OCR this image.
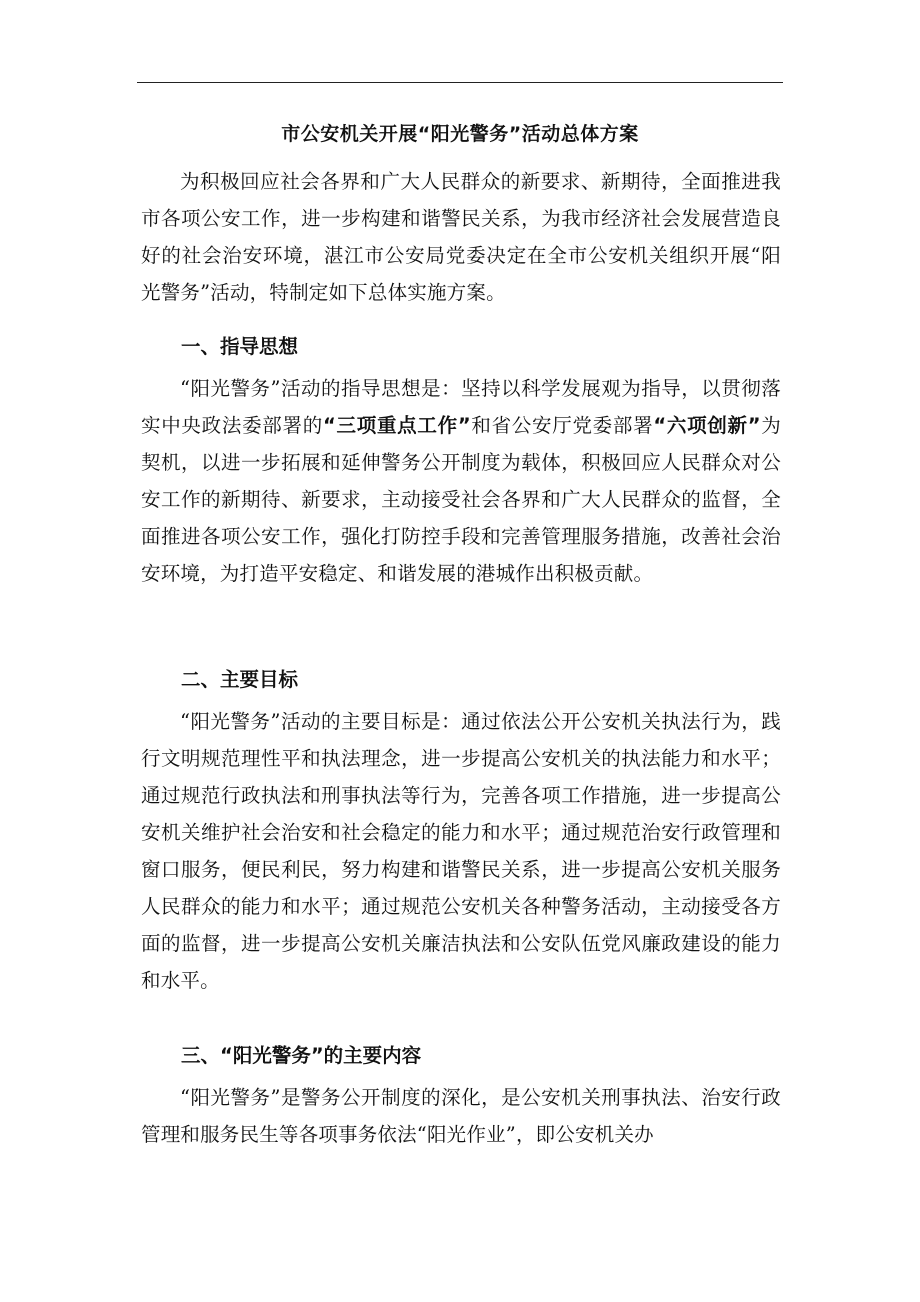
市公安机关开展“阳光警务”活动总体方案
为积极回应社会各界和广大人民群众的新要求、新期待，全面推进我市各项公安工作，进一步构建和谐警民关系，为我市经济社会发展营造良好的社会治安环境，湛江市公安局党委决定在全市公安机关组织开展“阳光警务”活动，特制定如下总体实施方案。
一、指导思想
“阳光警务”活动的指导思想是：坚持以科学发展观为指导，以贯彻落实中央政法委部署的“三项重点工作”和省公安厅党委部署“六项创新”为契机，以进一步拓展和延伸警务公开制度为载体，积极回应人民群众对公安工作的新期待、新要求，主动接受社会各界和广大人民群众的监督，全面推进各项公安工作，强化打防控手段和完善管理服务措施，改善社会治安环境，为打造平安稳定、和谐发展的港城作出积极贡献。
二、主要目标
“阳光警务”活动的主要目标是：通过依法公开公安机关执法行为，践行文明规范理性平和执法理念，进一步提高公安机关的执法能力和水平；通过规范行政执法和刑事执法等行为，完善各项工作措施，进一步提高公安机关维护社会治安和社会稳定的能力和水平；通过规范治安行政管理和窗口服务，便民利民，努力构建和谐警民关系，进一步提高公安机关服务人民群众的能力和水平；通过规范公安机关各种警务活动，主动接受各方面的监督，进一步提高公安机关廉洁执法和公安队伍党风廉政建设的能力和水平。
三、“阳光警务”的主要内容
“阳光警务”是警务公开制度的深化，是公安机关刑事执法、治安行政管理和服务民生等各项事务依法“阳光作业”，即公安机关办
